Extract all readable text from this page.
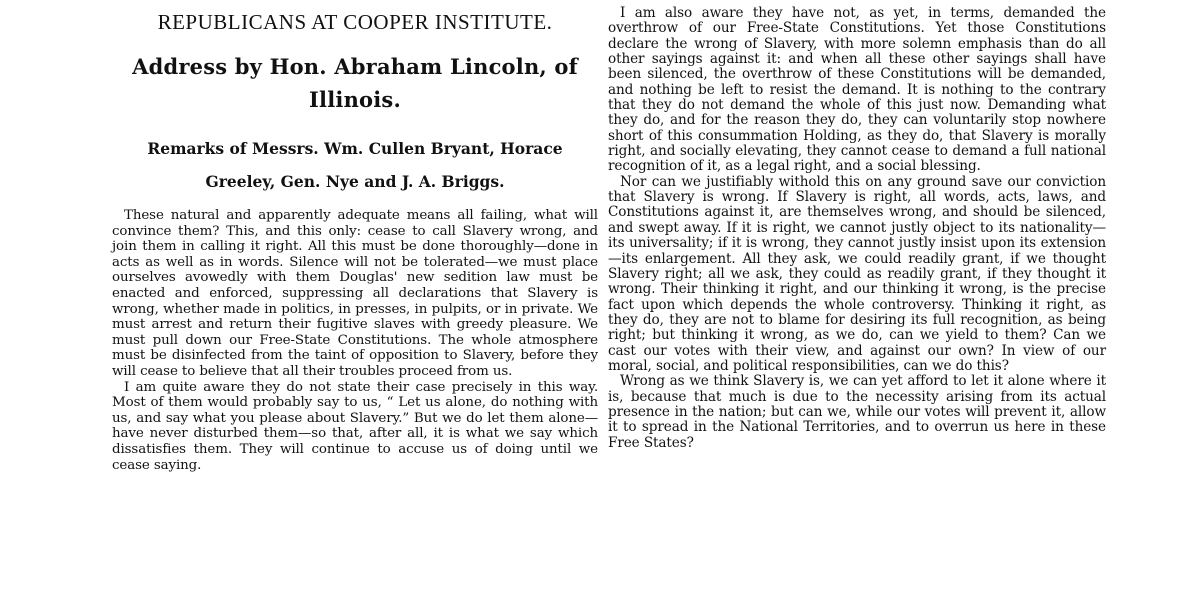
REPUBLICANS AT COOPER INSTITUTE.
Address by Hon. Abraham Lincoln, of Illinois.
Remarks of Messrs. Wm. Cullen Bryant, Horace Greeley, Gen. Nye and J. A. Briggs.

These natural and apparently adequate means all failing, what will convince them? This, and this only: cease to call Slavery wrong, and join them in calling it right. All this must be done thoroughly—done in acts as well as in words. Silence will not be tolerated—we must place ourselves avowedly with them Douglas' new sedition law must be enacted and enforced, suppressing all declarations that Slavery is wrong, whether made in politics, in presses, in pulpits, or in private. We must arrest and return their fugitive slaves with greedy pleasure. We must pull down our Free-State Constitutions. The whole atmosphere must be disinfected from the taint of opposition to Slavery, before they will cease to believe that all their troubles proceed from us.

I am quite aware they do not state their case precisely in this way. Most of them would probably say to us, “ Let us alone, do nothing with us, and say what you please about Slavery.” But we do let them alone—have never disturbed them—so that, after all, it is what we say which dissatisfies them. They will continue to accuse us of doing until we cease saying.

I am also aware they have not, as yet, in terms, demanded the overthrow of our Free-State Constitutions. Yet those Constitutions declare the wrong of Slavery, with more solemn emphasis than do all other sayings against it: and when all these other sayings shall have been silenced, the overthrow of these Constitutions will be demanded, and nothing be left to resist the demand. It is nothing to the contrary that they do not demand the whole of this just now. Demanding what they do, and for the reason they do, they can voluntarily stop nowhere short of this consummation Holding, as they do, that Slavery is morally right, and socially elevating, they cannot cease to demand a full national recognition of it, as a legal right, and a social blessing.

Nor can we justifiably withold this on any ground save our conviction that Slavery is wrong. If Slavery is right, all words, acts, laws, and Constitutions against it, are themselves wrong, and should be silenced, and swept away. If it is right, we cannot justly object to its nationality—its universality; if it is wrong, they cannot justly insist upon its extension—its enlargement. All they ask, we could readily grant, if we thought Slavery right; all we ask, they could as readily grant, if they thought it wrong. Their thinking it right, and our thinking it wrong, is the precise fact upon which depends the whole controversy. Thinking it right, as they do, they are not to blame for desiring its full recognition, as being right; but thinking it wrong, as we do, can we yield to them? Can we cast our votes with their view, and against our own? In view of our moral, social, and political responsibilities, can we do this?

Wrong as we think Slavery is, we can yet afford to let it alone where it is, because that much is due to the necessity arising from its actual presence in the nation; but can we, while our votes will prevent it, allow it to spread in the National Territories, and to overrun us here in these Free States?
